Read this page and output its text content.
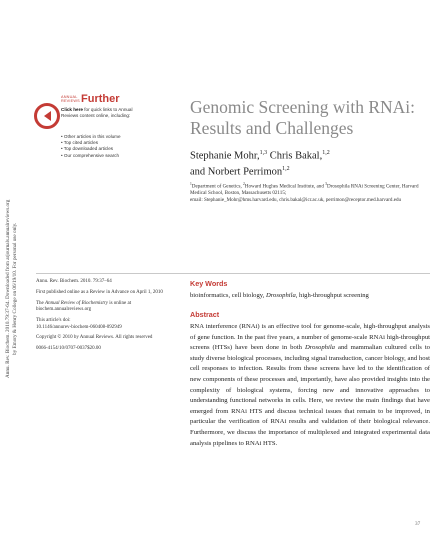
Annu. Rev. Biochem. 2010.79:37-64. Downloaded from arjournals.annualreviews.org by Emory & Henry College on 06/19/10. For personal use only.
ANNUAL
REVIEWS Further
Click here for quick links to Annual Reviews content online, including:
• Other articles in this volume
• Top cited articles
• Top downloaded articles
• Our comprehensive search
Genomic Screening with RNAi: Results and Challenges
Stephanie Mohr,$^{1,3}$ Chris Bakal,$^{1,2}$
and Norbert Perrimon$^{1,2}$
$^1$Department of Genetics, $^2$Howard Hughes Medical Institute, and $^3$Drosophila RNAi Screening Center, Harvard Medical School, Boston, Massachusetts 02115;
email: Stephanie_Mohr@hms.harvard.edu, chris.bakal@icr.ac.uk, perrimon@receptor.med.harvard.edu

Annu. Rev. Biochem. 2010. 79:37–64

First published online as a Review in Advance on April 1, 2010

The Annual Review of Biochemistry is online at biochem.annualreviews.org

This article's doi:
10.1146/annurev-biochem-060408-092949

Copyright © 2010 by Annual Reviews. All rights reserved

0066-4154/10/0707-0037$20.00

Key Words
bioinformatics, cell biology, Drosophila, high-throughput screening
Abstract
RNA interference (RNAi) is an effective tool for genome-scale, high-throughput analysis of gene function. In the past five years, a number of genome-scale RNAi high-throughput screens (HTSs) have been done in both Drosophila and mammalian cultured cells to study diverse biological processes, including signal transduction, cancer biology, and host cell responses to infection. Results from these screens have led to the identification of new components of these processes and, importantly, have also provided insights into the complexity of biological systems, forcing new and innovative approaches to understanding functional networks in cells. Here, we review the main findings that have emerged from RNAi HTS and discuss technical issues that remain to be improved, in particular the verification of RNAi results and validation of their biological relevance. Furthermore, we discuss the importance of multiplexed and integrated experimental data analysis pipelines to RNAi HTS.
37
